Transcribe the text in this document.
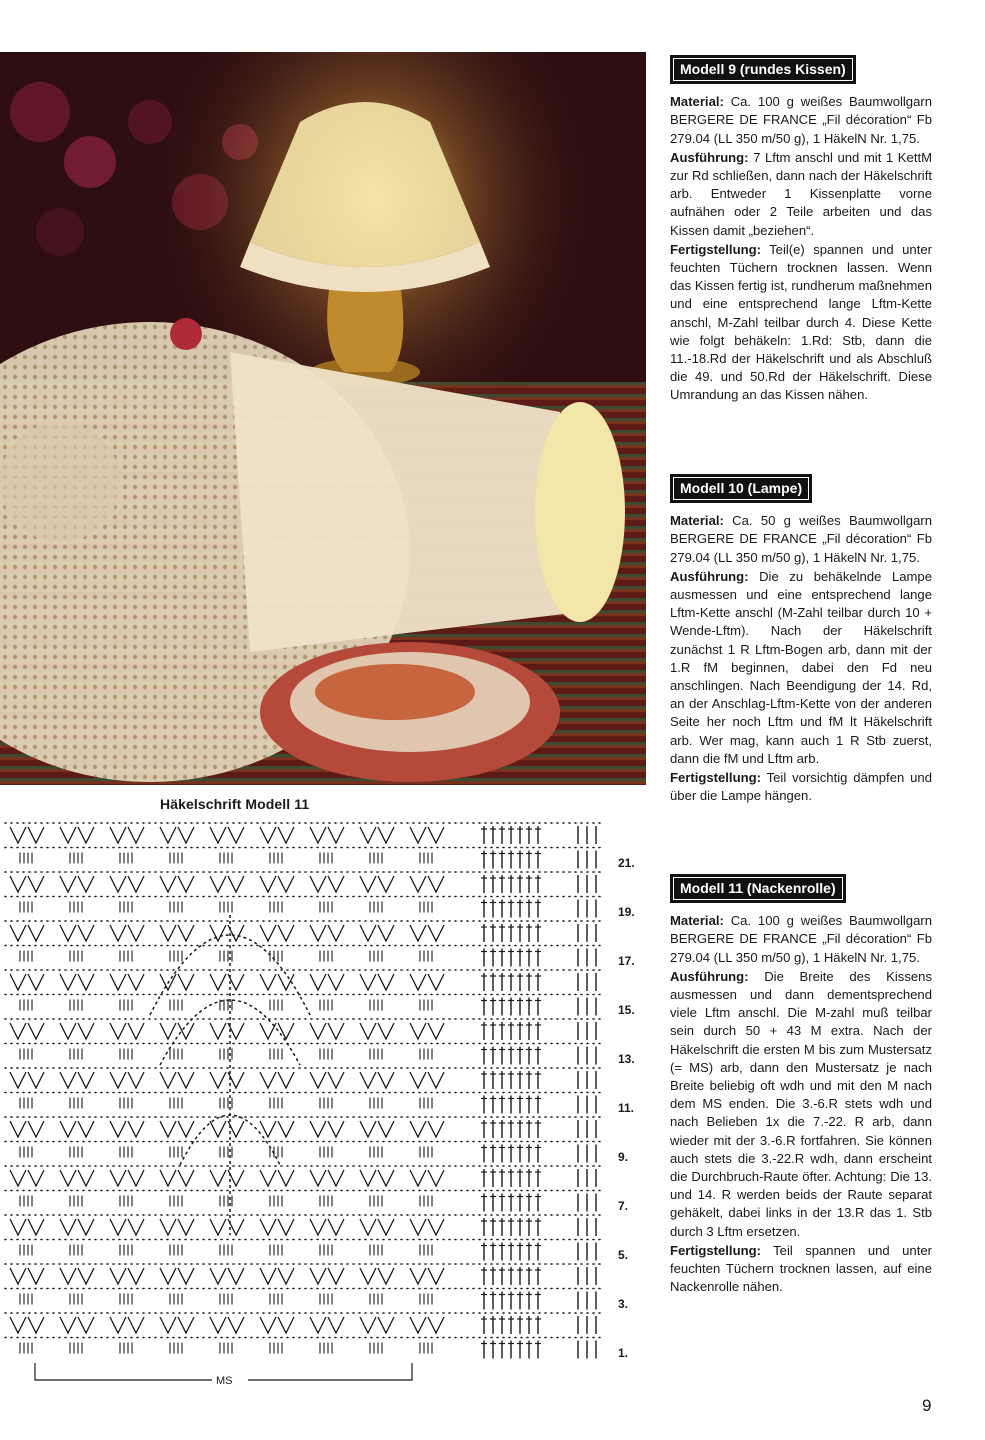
Häkelschrift Modell 11
21.
19.
17.
15.
13.
11.
9.
7.
5.
3.
1.
MS
Modell 9 (rundes Kissen)

Material: Ca. 100 g weißes Baumwollgarn BERGERE DE FRANCE „Fil décoration“ Fb 279.04 (LL 350 m/50 g), 1 HäkelN Nr. 1,75.

Ausführung: 7 Lftm anschl und mit 1 KettM zur Rd schließen, dann nach der Häkelschrift arb. Entweder 1 Kissenplatte vorne aufnähen oder 2 Teile arbeiten und das Kissen damit „beziehen“.

Fertigstellung: Teil(e) spannen und unter feuchten Tüchern trocknen lassen. Wenn das Kissen fertig ist, rundherum maßnehmen und eine entsprechend lange Lftm-Kette anschl, M-Zahl teilbar durch 4. Diese Kette wie folgt behäkeln: 1.Rd: Stb, dann die 11.-18.Rd der Häkelschrift und als Abschluß die 49. und 50.Rd der Häkelschrift. Diese Umrandung an das Kissen nähen.

Modell 10 (Lampe)

Material: Ca. 50 g weißes Baumwollgarn BERGERE DE FRANCE „Fil décoration“ Fb 279.04 (LL 350 m/50 g), 1 HäkelN Nr. 1,75.

Ausführung: Die zu behäkelnde Lampe ausmessen und eine entsprechend lange Lftm-Kette anschl (M-Zahl teilbar durch 10 + Wende-Lftm). Nach der Häkelschrift zunächst 1 R Lftm-Bogen arb, dann mit der 1.R fM beginnen, dabei den Fd neu anschlingen. Nach Beendigung der 14. Rd, an der Anschlag-Lftm-Kette von der anderen Seite her noch Lftm und fM lt Häkelschrift arb. Wer mag, kann auch 1 R Stb zuerst, dann die fM und Lftm arb.

Fertigstellung: Teil vorsichtig dämpfen und über die Lampe hängen.

Modell 11 (Nackenrolle)

Material: Ca. 100 g weißes Baumwollgarn BERGERE DE FRANCE „Fil décoration“ Fb 279.04 (LL 350 m/50 g), 1 HäkelN Nr. 1,75.

Ausführung: Die Breite des Kissens ausmessen und dann dementsprechend viele Lftm anschl. Die M-zahl muß teilbar sein durch 50 + 43 M extra. Nach der Häkelschrift die ersten M bis zum Mustersatz (= MS) arb, dann den Mustersatz je nach Breite beliebig oft wdh und mit den M nach dem MS enden. Die 3.-6.R stets wdh und nach Belieben 1x die 7.-22. R arb, dann wieder mit der 3.-6.R fortfahren. Sie können auch stets die 3.-22.R wdh, dann erscheint die Durchbruch-Raute öfter. Achtung: Die 13. und 14. R werden beids der Raute separat gehäkelt, dabei links in der 13.R das 1. Stb durch 3 Lftm ersetzen.

Fertigstellung: Teil spannen und unter feuchten Tüchern trocknen lassen, auf eine Nackenrolle nähen.

9
